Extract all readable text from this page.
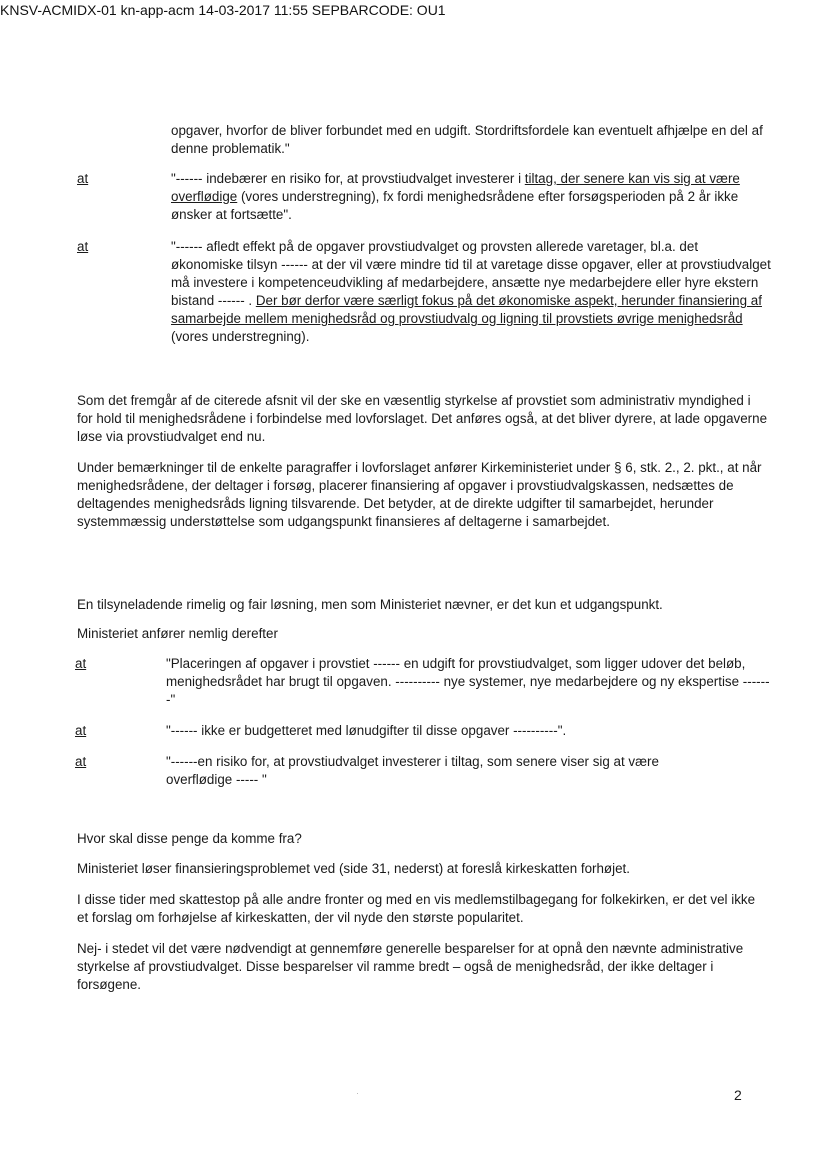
KNSV-ACMIDX-01 kn-app-acm 14-03-2017 11:55 SEPBARCODE: OU1

opgaver, hvorfor de bliver forbundet med en udgift. Stordriftsfordele kan eventuelt afhjælpe en del af denne problematik."

at	"------ indebærer en risiko for, at provstiudvalget investerer i tiltag, der senere kan vis sig at være overflødige (vores understregning), fx fordi menighedsrådene efter forsøgsperioden på 2 år ikke ønsker at fortsætte".

at	"------ afledt effekt på de opgaver provstiudvalget og provsten allerede varetager, bl.a. det økonomiske tilsyn ------ at der vil være mindre tid til at varetage disse opgaver, eller at provstiudvalget må investere i kompetenceudvikling af medarbejdere, ansætte nye medarbejdere eller hyre ekstern bistand ------ . Der bør derfor være særligt fokus på det økonomiske aspekt, herunder finansiering af samarbejde mellem menighedsråd og provstiudvalg og ligning til provstiets øvrige menighedsråd (vores understregning).

Som det fremgår af de citerede afsnit vil der ske en væsentlig styrkelse af provstiet som administrativ myndighed i for hold til menighedsrådene i forbindelse med lovforslaget. Det anføres også, at det bliver dyrere, at lade opgaverne løse via provstiudvalget end nu.

Under bemærkninger til de enkelte paragraffer i lovforslaget anfører Kirkeministeriet under § 6, stk. 2., 2. pkt., at når menighedsrådene, der deltager i forsøg, placerer finansiering af opgaver i provstiudvalgskassen, nedsættes de deltagendes menighedsråds ligning tilsvarende. Det betyder, at de direkte udgifter til samarbejdet, herunder systemmæssig understøttelse som udgangspunkt finansieres af deltagerne i samarbejdet.

En tilsyneladende rimelig og fair løsning, men som Ministeriet nævner, er det kun et udgangspunkt.

Ministeriet anfører nemlig derefter

at	"Placeringen af opgaver i provstiet ------ en udgift for provstiudvalget, som ligger udover det beløb, menighedsrådet har brugt til opgaven. ---------- nye systemer, nye medarbejdere og ny ekspertise -------"

at	"------ ikke er budgetteret med lønudgifter til disse opgaver ----------".

at	"------en risiko for, at provstiudvalget investerer i tiltag, som senere viser sig at være overflødige ----- "

Hvor skal disse penge da komme fra?

Ministeriet løser finansieringsproblemet ved (side 31, nederst) at foreslå kirkeskatten forhøjet.

I disse tider med skattestop på alle andre fronter og med en vis medlemstilbagegang for folkekirken, er det vel ikke et forslag om forhøjelse af kirkeskatten, der vil nyde den største popularitet.

Nej- i stedet vil det være nødvendigt at gennemføre generelle besparelser for at opnå den nævnte administrative styrkelse af provstiudvalget. Disse besparelser vil ramme bredt – også de menighedsråd, der ikke deltager i forsøgene.

2
